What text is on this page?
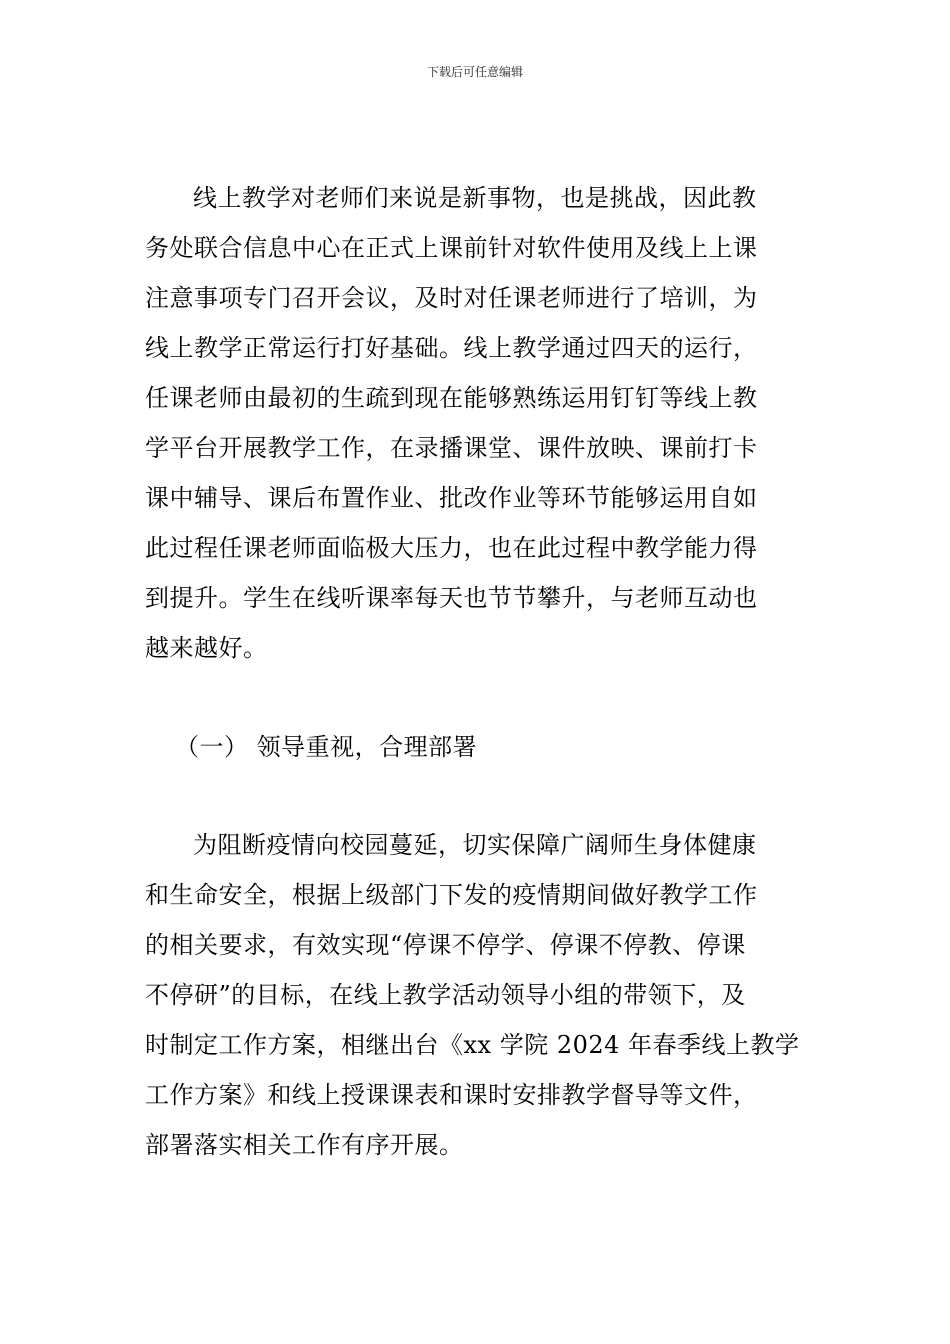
下载后可任意编辑

线上教学对老师们来说是新事物，也是挑战，因此教
务处联合信息中心在正式上课前针对软件使用及线上上课
注意事项专门召开会议，及时对任课老师进行了培训，为
线上教学正常运行打好基础。线上教学通过四天的运行，
任课老师由最初的生疏到现在能够熟练运用钉钉等线上教
学平台开展教学工作，在录播课堂、课件放映、课前打卡
课中辅导、课后布置作业、批改作业等环节能够运用自如
此过程任课老师面临极大压力，也在此过程中教学能力得
到提升。学生在线听课率每天也节节攀升，与老师互动也
越来越好。

（一） 领导重视，合理部署

为阻断疫情向校园蔓延，切实保障广阔师生身体健康
和生命安全，根据上级部门下发的疫情期间做好教学工作
的相关要求，有效实现“停课不停学、停课不停教、停课
不停研”的目标，在线上教学活动领导小组的带领下，及
时制定工作方案，相继出台《xx 学院 2024 年春季线上教学
工作方案》和线上授课课表和课时安排教学督导等文件，
部署落实相关工作有序开展。
